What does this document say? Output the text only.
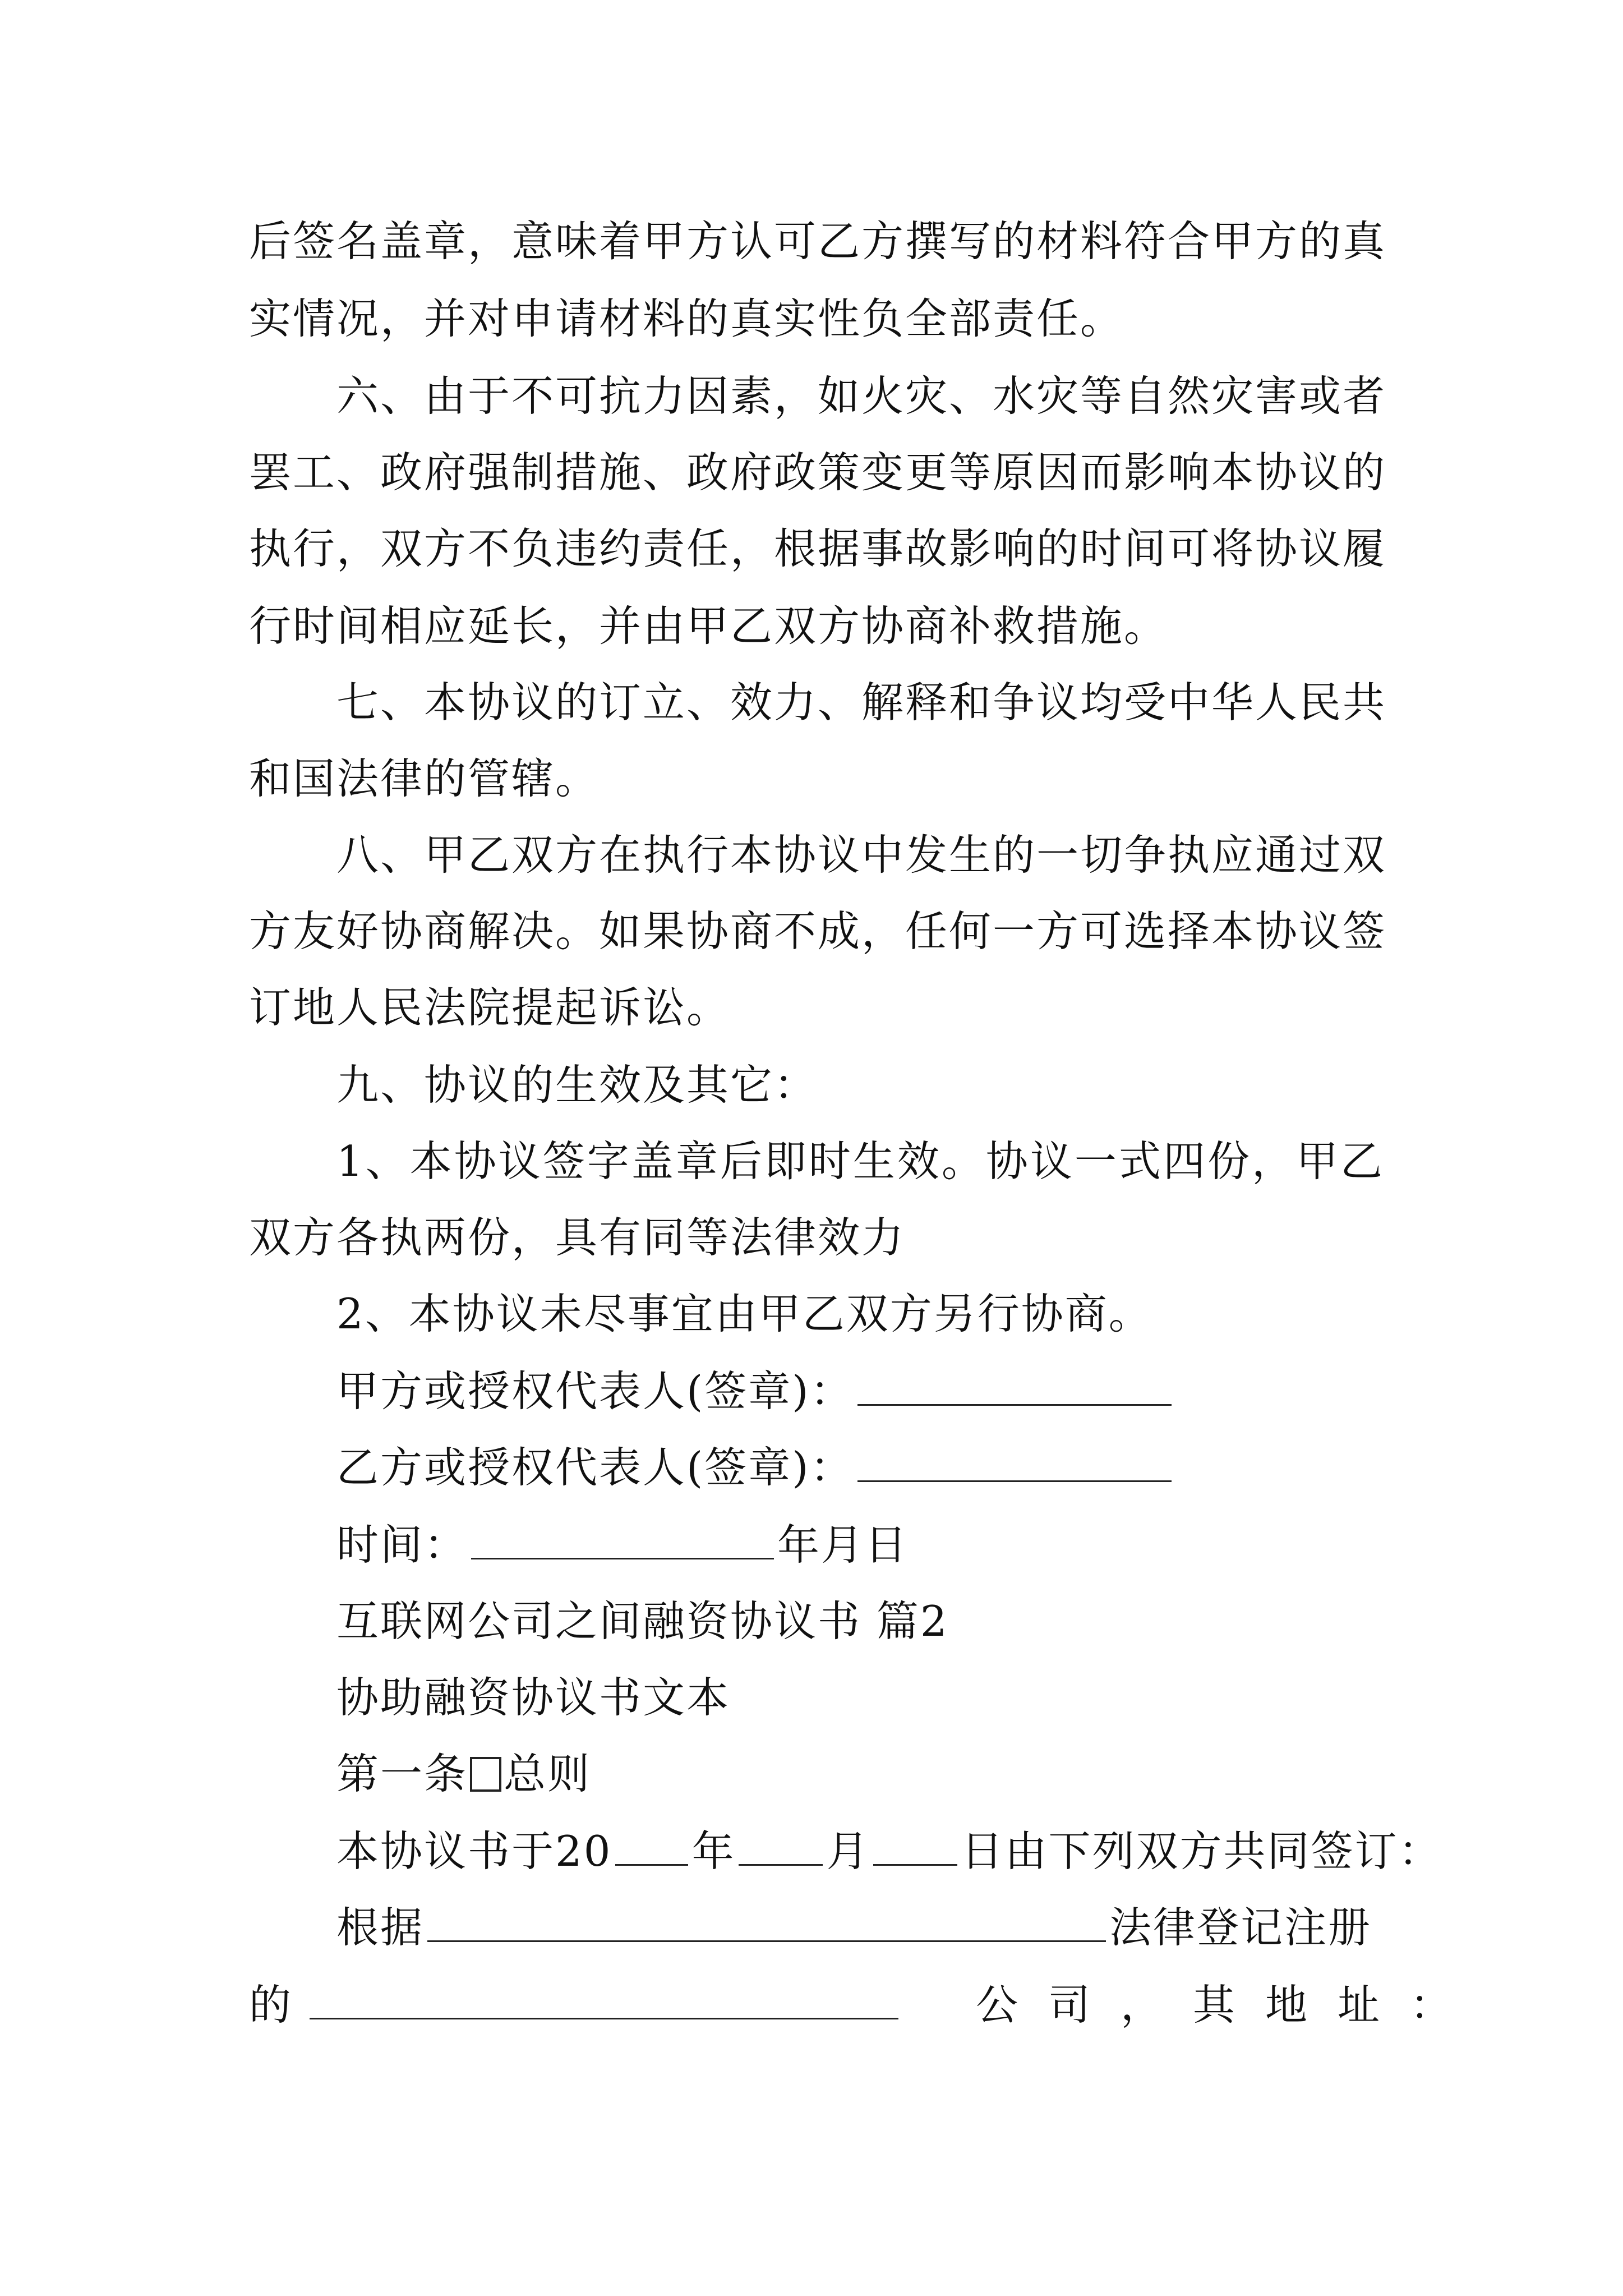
后签名盖章，意味着甲方认可乙方撰写的材料符合甲方的真
实情况，并对申请材料的真实性负全部责任。
六、由于不可抗力因素，如火灾、水灾等自然灾害或者
罢工、政府强制措施、政府政策变更等原因而影响本协议的
执行，双方不负违约责任，根据事故影响的时间可将协议履
行时间相应延长，并由甲乙双方协商补救措施。
七、本协议的订立、效力、解释和争议均受中华人民共
和国法律的管辖。
八、甲乙双方在执行本协议中发生的一切争执应通过双
方友好协商解决。如果协商不成，任何一方可选择本协议签
订地人民法院提起诉讼。
九、协议的生效及其它：
1、本协议签字盖章后即时生效。协议一式四份，甲乙
双方各执两份，具有同等法律效力
2、本协议未尽事宜由甲乙双方另行协商。
甲方或授权代表人(签章)：
乙方或授权代表人(签章)：
时间：	年月日
互联网公司之间融资协议书 篇2
协助融资协议书文本
第一条 总则
本协议书于20 年 月 日由下列双方共同签订：
根据	法律登记注册
的	公司，其地址：
